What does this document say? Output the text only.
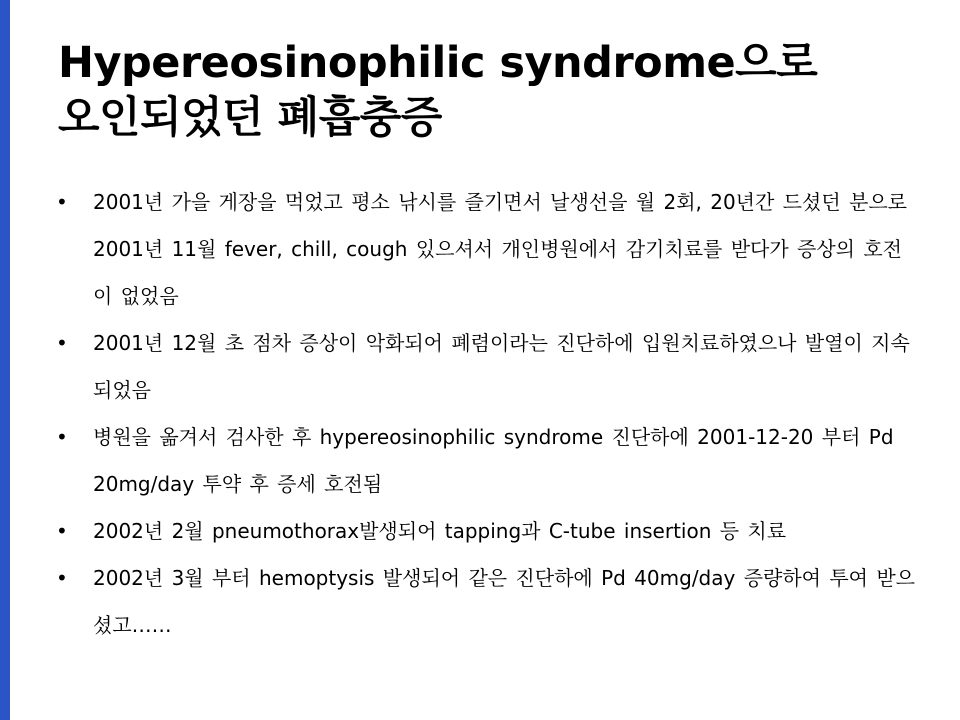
Hypereosinophilic syndrome으로
오인되었던 폐흡충증
• 2001년 가을 게장을 먹었고 평소 낚시를 즐기면서 날생선을 월 2회, 20년간 드셨던 분으로 2001년 11월 fever, chill, cough 있으셔서 개인병원에서 감기치료를 받다가 증상의 호전이 없었음
• 2001년 12월 초 점차 증상이 악화되어 폐렴이라는 진단하에 입원치료하였으나 발열이 지속되었음
• 병원을 옮겨서 검사한 후 hypereosinophilic syndrome 진단하에 2001-12-20 부터 Pd 20mg/day 투약 후 증세 호전됨
• 2002년 2월 pneumothorax발생되어 tapping과 C-tube insertion 등 치료
• 2002년 3월 부터 hemoptysis 발생되어 같은 진단하에 Pd 40mg/day 증량하여 투여 받으셨고……
